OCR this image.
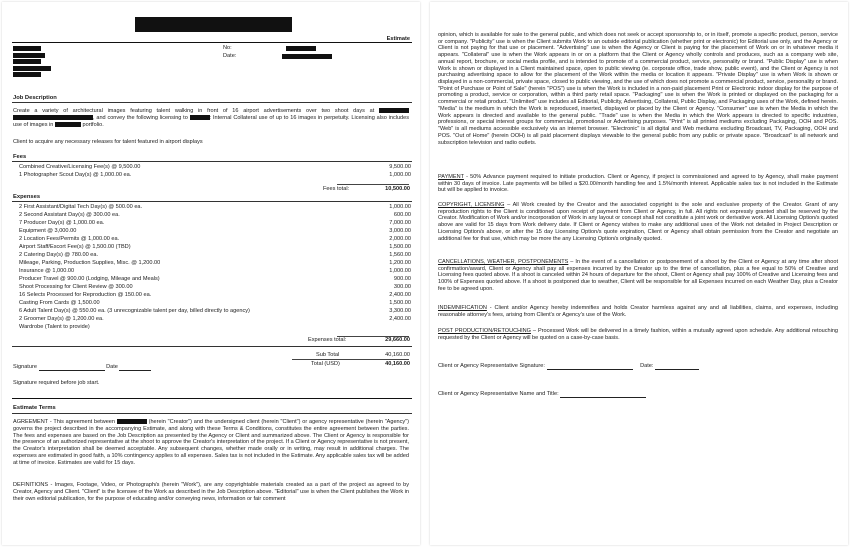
Estimate
No:
Date:
Job Description
Create a variety of architectural images featuring talent walking in front of 16 airport advertisements over two shoot days at  , and convey the following licensing to	: Internal Collateral use of up to 16 images in perpetuity. Licensing also includes use of images in	portfolio.
Client to acquire any necessary releases for talent featured in airport displays
Fees
Combined Creative/Licensing Fee(s) @ 9,500.00	9,500.00
1 Photographer Scout Day(s) @ 1,000.00 ea.	1,000.00
Fees total:	10,500.00
Expenses
2 First Assistant/Digital Tech Day(s) @ 500.00 ea.	1,000.00
2 Second Assistant Day(s) @ 300.00 ea.	600.00
7 Producer Day(s) @ 1,000.00 ea.	7,000.00
Equipment @ 3,000.00	3,000.00
2 Location Fees/Permits @ 1,000.00 ea.	2,000.00
Airport Staff/Escort Fee(s) @ 1,500.00 (TBD)	1,500.00
2 Catering Day(s) @ 780.00 ea.	1,560.00
Mileage, Parking, Production Supplies, Misc. @ 1,200.00	1,200.00
Insurance @ 1,000.00	1,000.00
Producer Travel @ 900.00 (Lodging, Mileage and Meals)	900.00
Shoot Processing for Client Review @ 300.00	300.00
16 Selects Processed for Reproduction @ 150.00 ea.	2,400.00
Casting From Cards @ 1,500.00	1,500.00
6 Adult Talent Day(s) @ 550.00 ea. (3 unrecognizable talent per day, billed directly to agency)	3,300.00
2 Groomer Day(s) @ 1,200.00 ea.	2,400.00
Wardrobe (Talent to provide)
Expenses total:	29,660.00
Sub Total	40,160.00
Total (USD)	40,160.00
Signature	Date
Signature required before job start.
Estimate Terms
AGREEMENT - This agreement between	(herein "Creator") and the undersigned client (herein "Client") or agency representative (herein "Agency") governs the project described in the accompanying Estimate, and along with these Terms & Conditions, constitutes the entire agreement between the parties. The fees and expenses are based on the Job Description as presented by the Agency or Client and summarized above. The Client or Agency is responsible for the presence of an authorized representative at the shoot to approve the Creator's interpretation of the project. If a Client or Agency representative is not present, the Creator's interpretation shall be deemed acceptable. Any subsequent changes, whether made orally or in writing, may result in additional charges. The expenses are estimated in good faith, a 10% contingency applies to all expenses. Sales tax is not included in the Estimate. Any applicable sales tax will be added at time of invoice. Estimates are valid for 15 days.
DEFINITIONS - Images, Footage, Video, or Photograph/s (herein "Work"), are any copyrightable materials created as a part of the project as agreed to by Creator, Agency and Client. "Client" is the licensee of the Work as described in the Job Description above. "Editorial" use is when the Client publishes the Work in their own editorial publication, for the purpose of educating and/or conveying news, information or fair comment
opinion, which is available for sale to the general public, and which does not seek or accept sponsorship to, or in itself, promote a specific product, person, service or company. "Publicity" use is when the Client submits Work to an outside editorial publication (whether print or electronic) for Editorial use only, and the Agency or Client is not paying for that use or placement. "Advertising" use is when the Agency or Client is paying for the placement of Work on or in whatever media it appears. "Collateral" use is when the Work appears in or on a platform that the Client or Agency wholly controls and produces, such as a company web site, annual report, brochure, or social media profile, and is intended to promote of a commercial product, service, personality or brand. "Public Display" use is when Work is shown or displayed in a Client maintained space, open to public viewing (ie. corporate office, trade show, public event), and the Client or Agency is not purchasing advertising space to allow for the placement of the Work within the media or location it appears. "Private Display" use is when Work is shown or displayed in a non-commercial, private space, closed to public viewing, and the use of which does not promote a commercial product, service, personality or brand. "Point of Purchase or Point of Sale" (herein "POS") use is when the Work is included in a non-paid placement Print or Electronic indoor display for the purpose of promoting a product, service or corporation, within a third party retail space. "Packaging" use is when the Work is printed or displayed on the packaging for a commercial or retail product. "Unlimited" use includes all Editorial, Publicity, Advertising, Collateral, Public Display, and Packaging uses of the Work, defined herein. "Media" is the medium in which the Work is reproduced, inserted, displayed or placed by the Client or Agency. "Consumer" use is when the Media in which the Work appears is directed and available to the general public. "Trade" use is when the Media in which the Work appears is directed to specific industries, professions, or special interest groups for commercial, promotional or Advertising purposes. "Print" is all printed mediums excluding Packaging, OOH and POS. "Web" is all mediums accessible exclusively via an internet browser. "Electronic" is all digital and Web mediums excluding Broadcast, TV, Packaging, OOH and POS. "Out of Home" (herein OOH) is all paid placement displays viewable to the general public from any public or private space. "Broadcast" is all network and subscription television and radio outlets.
PAYMENT - 50% Advance payment required to initiate production. Client or Agency, if project is commissioned and agreed to by Agency, shall make payment within 30 days of invoice. Late payments will be billed a $20.00/month handling fee and 1.5%/month interest. Applicable sales tax is not included in the Estimate but will be applied to invoice.
COPYRIGHT, LICENSING – All Work created by the Creator and the associated copyright is the sole and exclusive property of the Creator. Grant of any reproduction rights to the Client is conditioned upon receipt of payment from Client or Agency, in full. All rights not expressly granted shall be reserved by the Creator. Modification of Work and/or incorporation of Work in any layout or concept shall not constitute a joint work or derivative work. All Licensing Option/s quoted above are valid for 15 days from Work delivery date. If Client or Agency wishes to make any additional uses of the Work not detailed in Project Description or Licensing Option/s above, or after the 15 day Licensing Option/s quote expiration, Client or Agency shall obtain permission from the Creator and negotiate an additional fee for that use, which may be more the any Licensing Option/s originally quoted.
CANCELLATIONS, WEATHER, POSTPONEMENTS – In the event of a cancellation or postponement of a shoot by the Client or Agency at any time after shoot confirmation/award, Client or Agency shall pay all expenses incurred by the Creator up to the time of cancellation, plus a fee equal to 50% of Creative and Licensing fees quoted above. If a shoot is canceled within 24 hours of departure for the shoot, Client or Agency shall pay 100% of Creative and Licensing fees and 100% of Expenses quoted above. If a shoot is postponed due to weather, Client will be responsible for all Expenses incurred on each Weather Day, plus a Creator fee to be agreed upon.
INDEMNIFICATION - Client and/or Agency hereby indemnifies and holds Creator harmless against any and all liabilities, claims, and expenses, including reasonable attorney's fees, arising from Client's or Agency's use of the Work.
POST PRODUCTION/RETOUCHING – Processed Work will be delivered in a timely fashion, within a mutually agreed upon schedule. Any additional retouching requested by the Client or Agency will be quoted on a case-by-case basis.
Client or Agency Representative Signature:	Date:
Client or Agency Representative Name and Title:
